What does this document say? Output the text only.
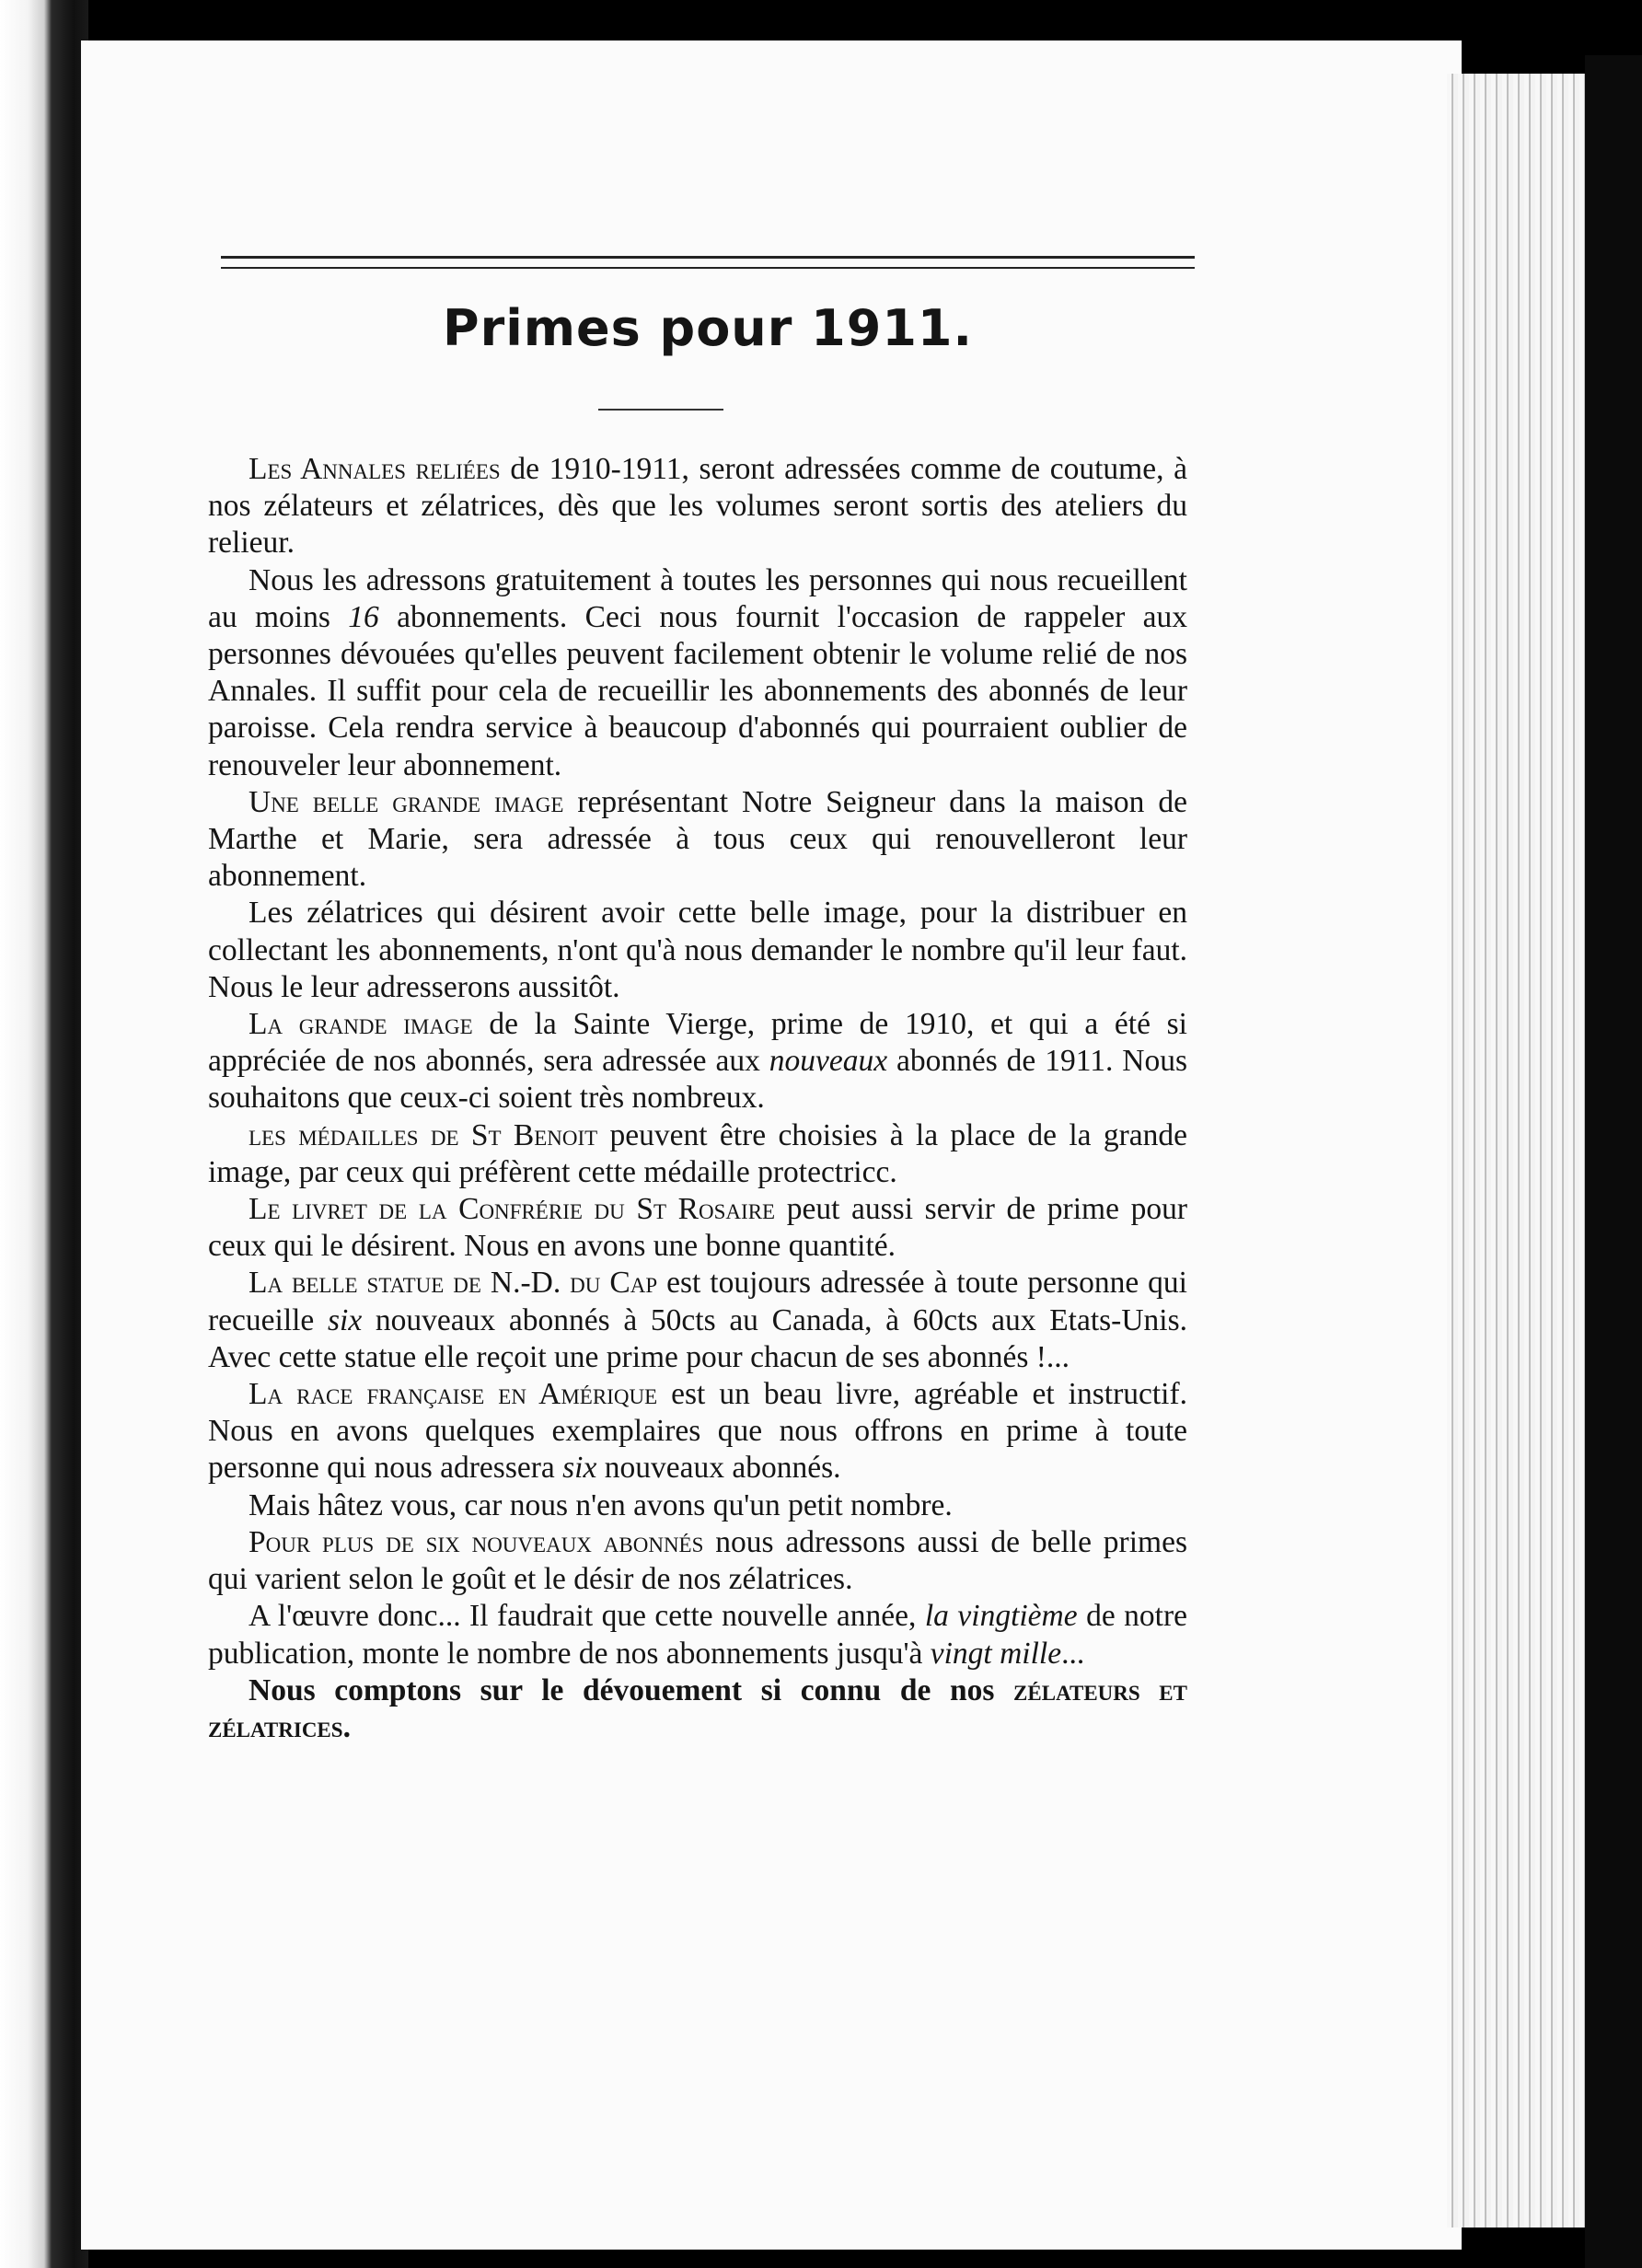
Primes pour 1911.

Les Annales reliées de 1910-1911, seront adressées comme de coutume, à nos zélateurs et zélatrices, dès que les volumes seront sortis des ateliers du relieur.

Nous les adressons gratuitement à toutes les personnes qui nous recueillent au moins 16 abonnements. Ceci nous fournit l'occasion de rappeler aux personnes dévouées qu'elles peuvent facilement obtenir le volume relié de nos Annales. Il suffit pour cela de recueillir les abonnements des abonnés de leur paroisse. Cela rendra service à beaucoup d'abonnés qui pourraient oublier de renouveler leur abonnement.

Une belle grande image représentant Notre Seigneur dans la maison de Marthe et Marie, sera adressée à tous ceux qui renouvelleront leur abonnement.

Les zélatrices qui désirent avoir cette belle image, pour la distribuer en collectant les abonnements, n'ont qu'à nous demander le nombre qu'il leur faut. Nous le leur adresserons aussitôt.

La grande image de la Sainte Vierge, prime de 1910, et qui a été si appréciée de nos abonnés, sera adressée aux nouveaux abonnés de 1911. Nous souhaitons que ceux-ci soient très nombreux.

les médailles de St Benoit peuvent être choisies à la place de la grande image, par ceux qui préfèrent cette médaille protectricc.

Le livret de la Confrérie du St Rosaire peut aussi servir de prime pour ceux qui le désirent. Nous en avons une bonne quantité.

La belle statue de N.-D. du Cap est toujours adressée à toute personne qui recueille six nouveaux abonnés à 50cts au Canada, à 60cts aux Etats-Unis. Avec cette statue elle reçoit une prime pour chacun de ses abonnés !...

La race française en Amérique est un beau livre, agréable et instructif. Nous en avons quelques exemplaires que nous offrons en prime à toute personne qui nous adressera six nouveaux abonnés.

Mais hâtez vous, car nous n'en avons qu'un petit nombre.

Pour plus de six nouveaux abonnés nous adressons aussi de belle primes qui varient selon le goût et le désir de nos zélatrices.

A l'œuvre donc... Il faudrait que cette nouvelle année, la vingtième de notre publication, monte le nombre de nos abonnements jusqu'à vingt mille...

Nous comptons sur le dévouement si connu de nos zélateurs et zélatrices.
